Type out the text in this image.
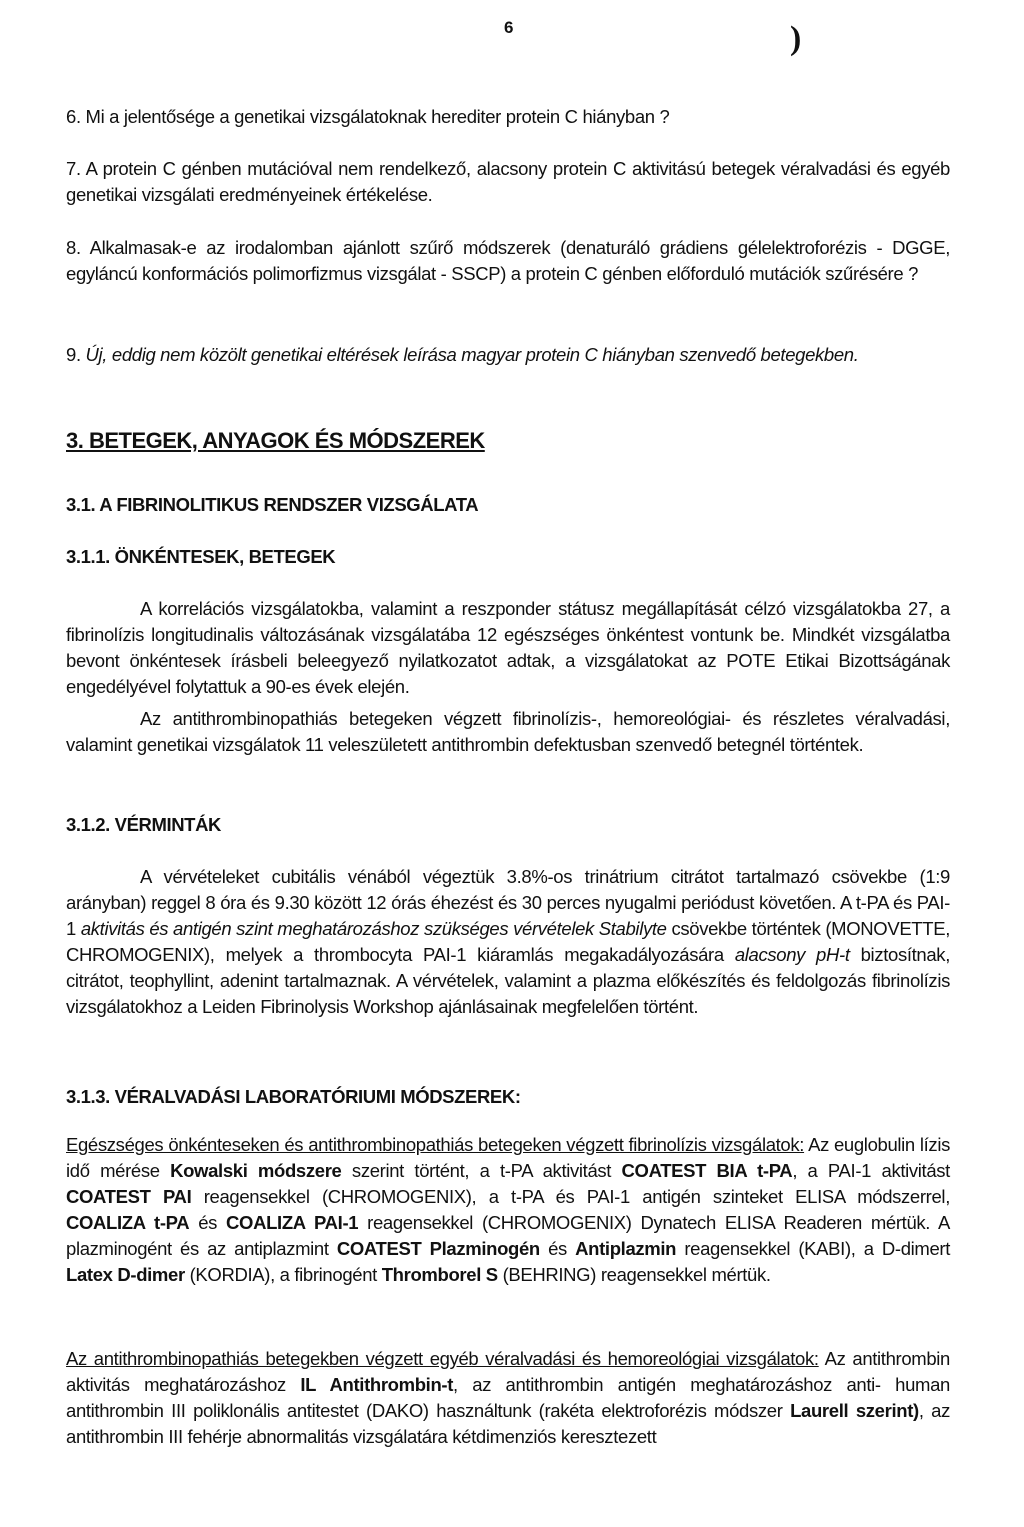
6	)

6. Mi a jelentősége a genetikai vizsgálatoknak herediter protein C hiányban ?

7. A protein C génben mutációval nem rendelkező, alacsony protein C aktivitású betegek véralvadási és egyéb genetikai vizsgálati eredményeinek értékelése.

8. Alkalmasak-e az irodalomban ajánlott szűrő módszerek (denaturáló grádiens gélelektroforézis - DGGE, egyláncú konformációs polimorfizmus vizsgálat - SSCP) a protein C génben előforduló mutációk szűrésére ?

9. Új, eddig nem közölt genetikai eltérések leírása magyar protein C hiányban szenvedő betegekben.

3. BETEGEK, ANYAGOK ÉS MÓDSZEREK
3.1. A FIBRINOLITIKUS RENDSZER VIZSGÁLATA
3.1.1. ÖNKÉNTESEK, BETEGEK

A korrelációs vizsgálatokba, valamint a reszponder státusz megállapítását célzó vizsgálatokba 27, a fibrinolízis longitudinalis változásának vizsgálatába 12 egészséges önkéntest vontunk be. Mindkét vizsgálatba bevont önkéntesek írásbeli beleegyező nyilatkozatot adtak, a vizsgálatokat az POTE Etikai Bizottságának engedélyével folytattuk a 90-es évek elején.

Az antithrombinopathiás betegeken végzett fibrinolízis-, hemoreológiai- és részletes véralvadási, valamint genetikai vizsgálatok 11 veleszületett antithrombin defektusban szenvedő betegnél történtek.

3.1.2. VÉRMINTÁK

A vérvételeket cubitális vénából végeztük 3.8%-os trinátrium citrátot tartalmazó csövekbe (1:9 arányban) reggel 8 óra és 9.30 között 12 órás éhezést és 30 perces nyugalmi periódust követően. A t-PA és PAI-1 aktivitás és antigén szint meghatározáshoz szükséges vérvételek Stabilyte csövekbe történtek (MONOVETTE, CHROMOGENIX), melyek a thrombocyta PAI-1 kiáramlás megakadályozására alacsony pH-t biztosítnak, citrátot, teophyllint, adenint tartalmaznak. A vérvételek, valamint a plazma előkészítés és feldolgozás fibrinolízis vizsgálatokhoz a Leiden Fibrinolysis Workshop ajánlásainak megfelelően történt.

3.1.3. VÉRALVADÁSI LABORATÓRIUMI MÓDSZEREK:

Egészséges önkénteseken és antithrombinopathiás betegeken végzett fibrinolízis vizsgálatok: Az euglobulin lízis idő mérése Kowalski módszere szerint történt, a t-PA aktivitást COATEST BIA t-PA, a PAI-1 aktivitást COATEST PAI reagensekkel (CHROMOGENIX), a t-PA és PAI-1 antigén szinteket ELISA módszerrel, COALIZA t-PA és COALIZA PAI-1 reagensekkel (CHROMOGENIX) Dynatech ELISA Readeren mértük. A plazminogént és az antiplazmint COATEST Plazminogén és Antiplazmin reagensekkel (KABI), a D-dimert Latex D-dimer (KORDIA), a fibrinogént Thromborel S (BEHRING) reagensekkel mértük.

Az antithrombinopathiás betegekben végzett egyéb véralvadási és hemoreológiai vizsgálatok: Az antithrombin aktivitás meghatározáshoz IL Antithrombin-t, az antithrombin antigén meghatározáshoz anti- human antithrombin III poliklonális antitestet (DAKO) használtunk (rakéta elektroforézis módszer Laurell szerint), az antithrombin III fehérje abnormalitás vizsgálatára kétdimenziós keresztezett
